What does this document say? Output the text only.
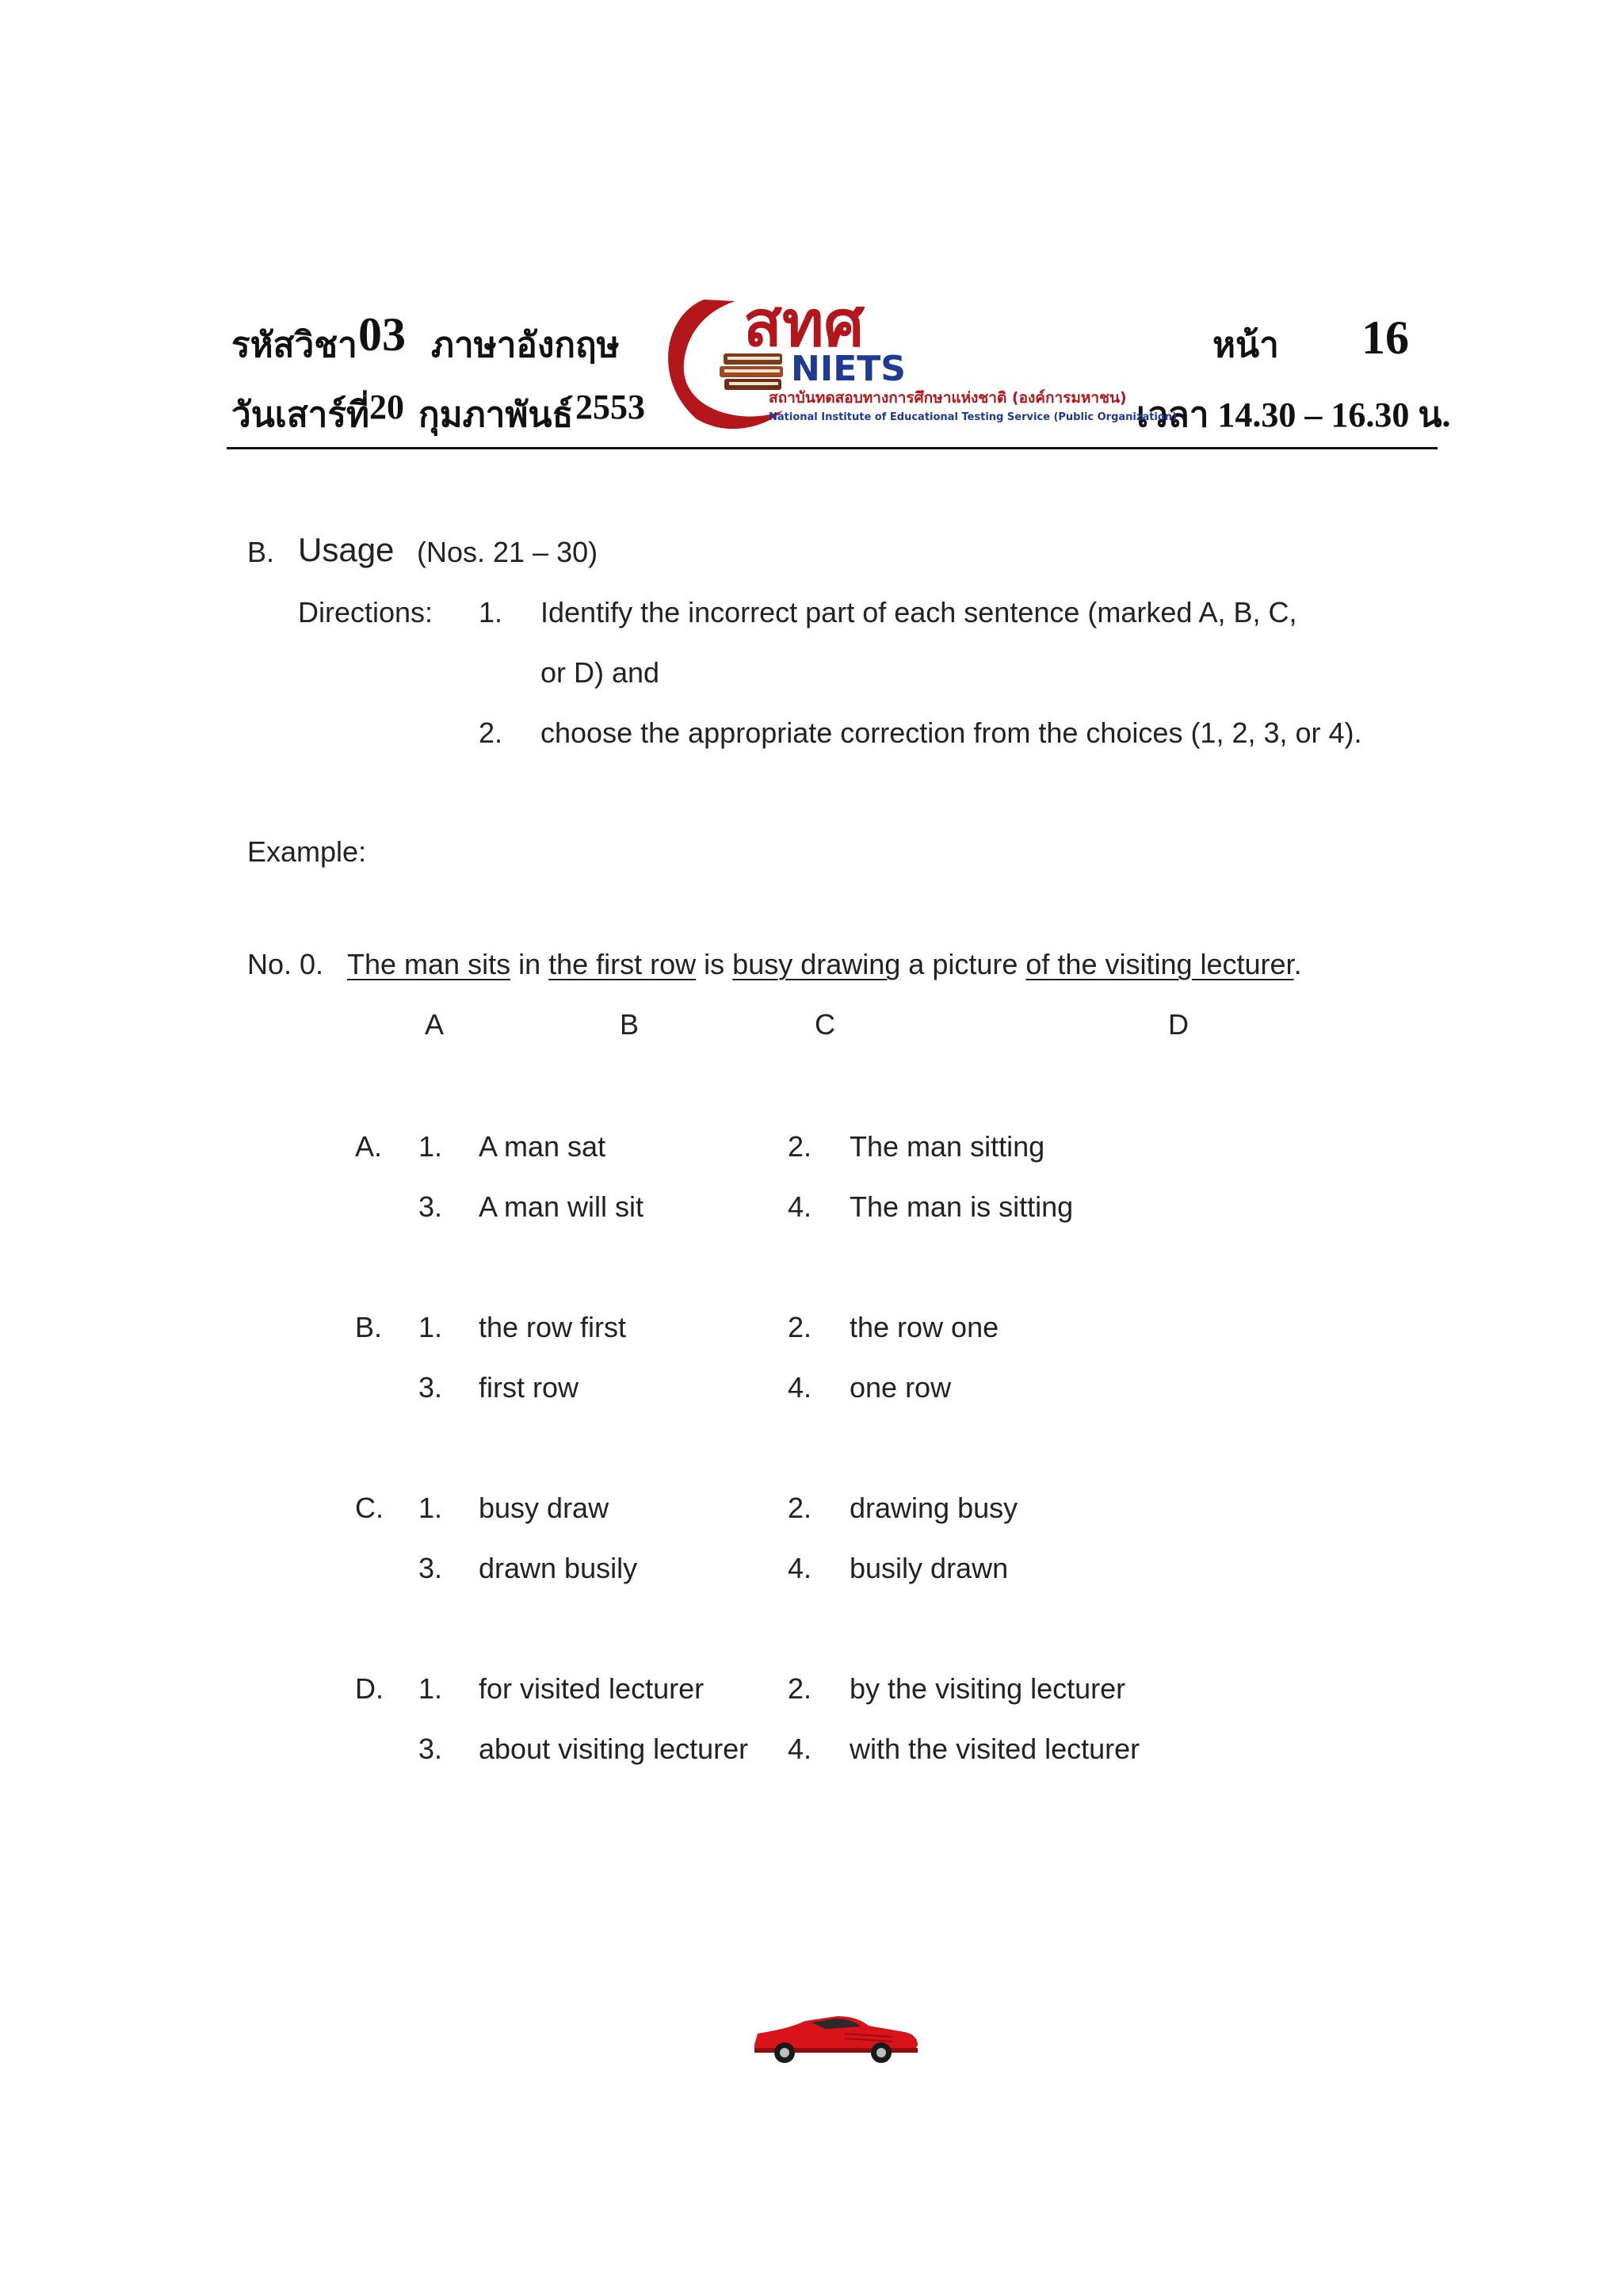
รหัสวิชา 03 ภาษาอังกฤษ	หน้า 16
วันเสาร์ที่ 20 กุมภาพันธ์ 2553	เวลา 14.30 – 16.30 น.
สทศ
NIETS
สถาบันทดสอบทางการศึกษาแห่งชาติ (องค์การมหาชน)
National Institute of Educational Testing Service (Public Organization)
B. Usage (Nos. 21 – 30)
Directions: 1. Identify the incorrect part of each sentence (marked A, B, C,
or D) and
2. choose the appropriate correction from the choices (1, 2, 3, or 4).
Example:
No. 0. The man sits in the first row is busy drawing a picture of the visiting lecturer.
A	B	C	D
A. 1. A man sat	2. The man sitting
3. A man will sit	4. The man is sitting
B. 1. the row first	2. the row one
3. first row	4. one row
C. 1. busy draw	2. drawing busy
3. drawn busily	4. busily drawn
D. 1. for visited lecturer	2. by the visiting lecturer
3. about visiting lecturer 4. with the visited lecturer
